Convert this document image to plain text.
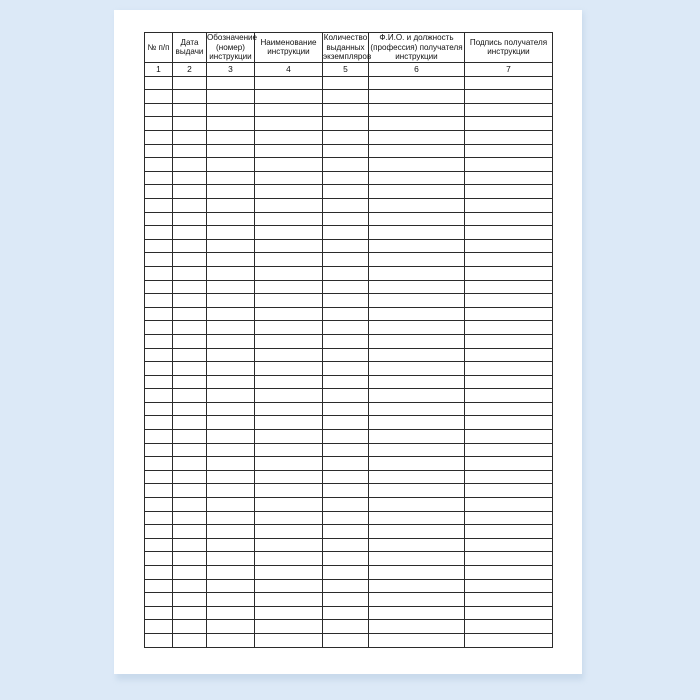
№ п/п	Дата выдачи	Обозначение (номер) инструкции	Наименование инструкции	Количество выданных экземпляров	Ф.И.О. и должность (профессия) получателя инструкции	Подпись получателя инструкции
1	2	3	4	5	6	7
